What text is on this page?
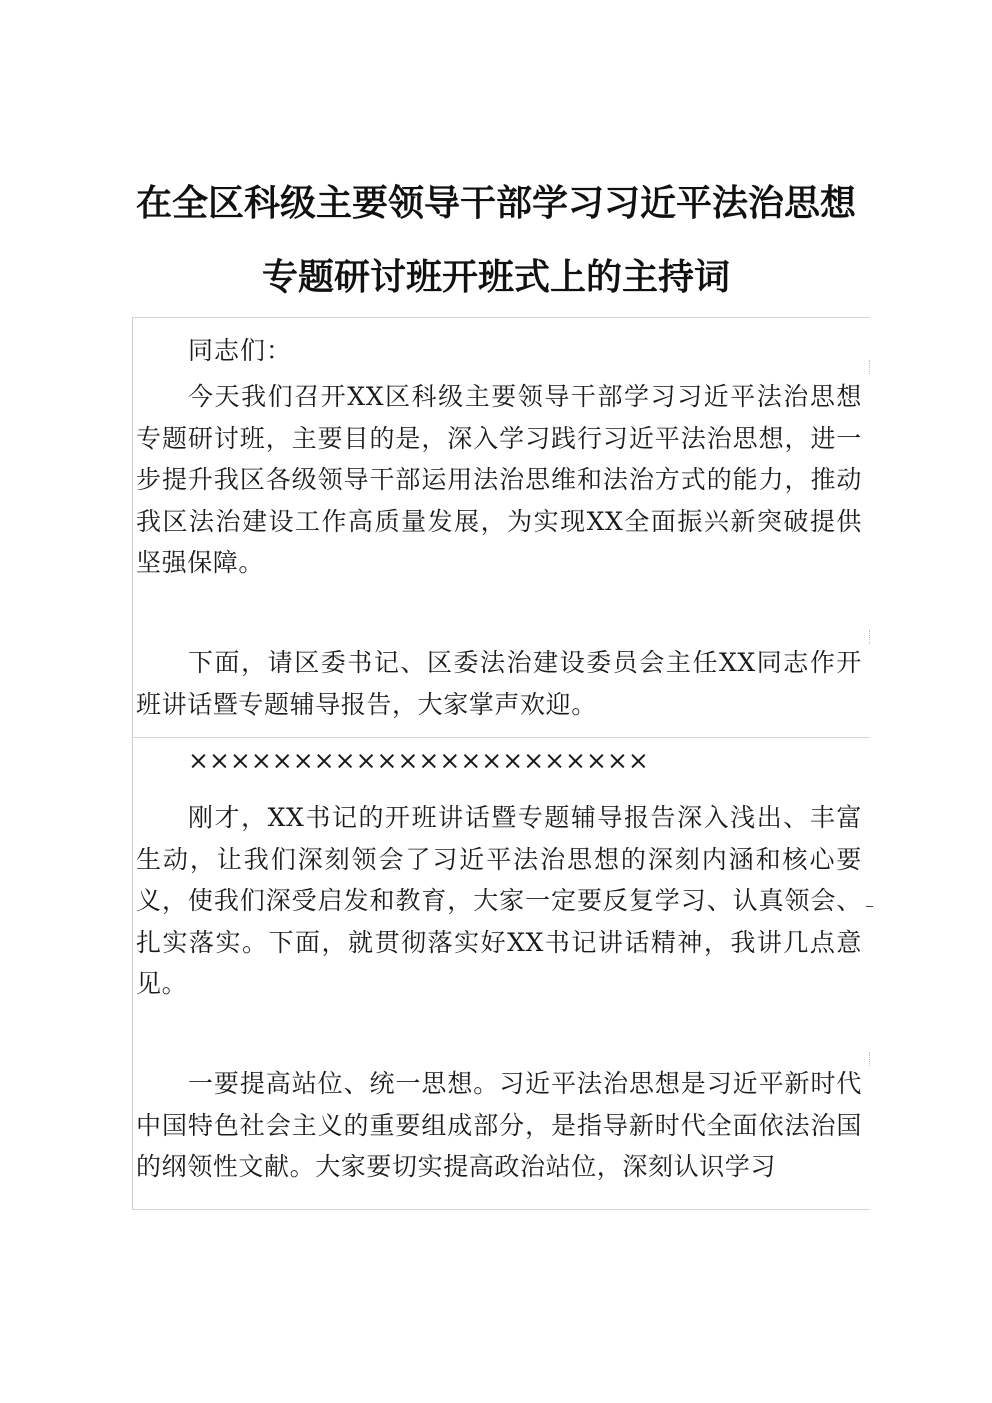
在全区科级主要领导干部学习习近平法治思想
专题研讨班开班式上的主持词
同志们：

今天我们召开XX区科级主要领导干部学习习近平法治思想专题研讨班，主要目的是，深入学习践行习近平法治思想，进一步提升我区各级领导干部运用法治思维和法治方式的能力，推动我区法治建设工作高质量发展，为实现XX全面振兴新突破提供坚强保障。

下面，请区委书记、区委法治建设委员会主任XX同志作开班讲话暨专题辅导报告，大家掌声欢迎。

××××××××××××××××××××××

刚才，XX书记的开班讲话暨专题辅导报告深入浅出、丰富生动，让我们深刻领会了习近平法治思想的深刻内涵和核心要义，使我们深受启发和教育，大家一定要反复学习、认真领会、扎实落实。下面，就贯彻落实好XX书记讲话精神，我讲几点意见。

一要提高站位、统一思想。习近平法治思想是习近平新时代中国特色社会主义的重要组成部分，是指导新时代全面依法治国的纲领性文献。大家要切实提高政治站位，深刻认识学习
